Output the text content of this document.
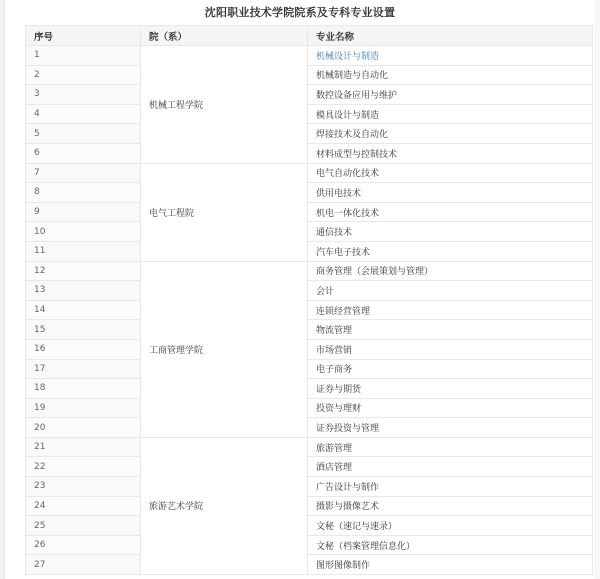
沈阳职业技术学院院系及专科专业设置
序号	院（系）	专业名称
1	机械工程学院	机械设计与制造
2		机械制造与自动化
3		数控设备应用与维护
4		模具设计与制造
5		焊接技术及自动化
6		材料成型与控制技术
7	电气工程院	电气自动化技术
8		供用电技术
9		机电一体化技术
10		通信技术
11		汽车电子技术
12	工商管理学院	商务管理（会展策划与管理）
13		会计
14		连锁经营管理
15		物流管理
16		市场营销
17		电子商务
18		证券与期货
19		投资与理财
20		证券投资与管理
21	旅游艺术学院	旅游管理
22		酒店管理
23		广告设计与制作
24		摄影与摄像艺术
25		文秘（速记与速录）
26		文秘（档案管理信息化）
27		图形图像制作
